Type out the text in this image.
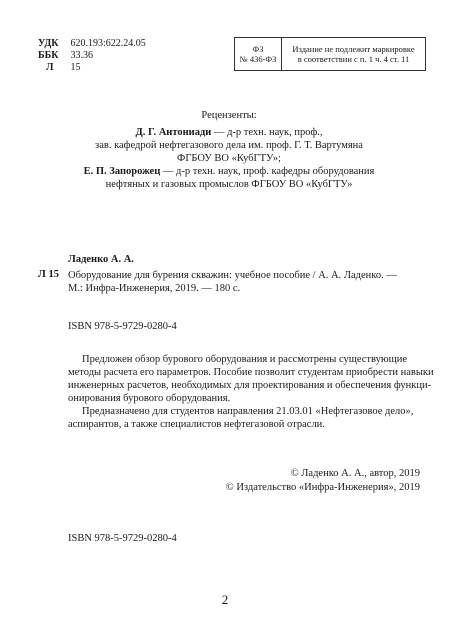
УДК 620.193:622.24.05
ББК 33.36
Л 15
ФЗ
№ 436-ФЗ
Издание не подлежит маркировке
в соответствии с п. 1 ч. 4 ст. 11
Рецензенты:
Д. Г. Антониади — д-р техн. наук, проф.,
зав. кафедрой нефтегазового дела им. проф. Г. Т. Вартумяна
ФГБОУ ВО «КубГТУ»;
Е. П. Запорожец — д-р техн. наук, проф. кафедры оборудования
нефтяных и газовых промыслов ФГБОУ ВО «КубГТУ»
Ладенко А. А.
Л 15 Оборудование для бурения скважин: учебное пособие / А. А. Ладенко. —
М.: Инфра-Инженерия, 2019. — 180 с.
ISBN 978-5-9729-0280-4
Предложен обзор бурового оборудования и рассмотрены существующие
методы расчета его параметров. Пособие позволит студентам приобрести навыки
инженерных расчетов, необходимых для проектирования и обеспечения функци-
онирования бурового оборудования.
Предназначено для студентов направления 21.03.01 «Нефтегазовое дело»,
аспирантов, а также специалистов нефтегазовой отрасли.
© Ладенко А. А., автор, 2019
© Издательство «Инфра-Инженерия», 2019
ISBN 978-5-9729-0280-4
2
